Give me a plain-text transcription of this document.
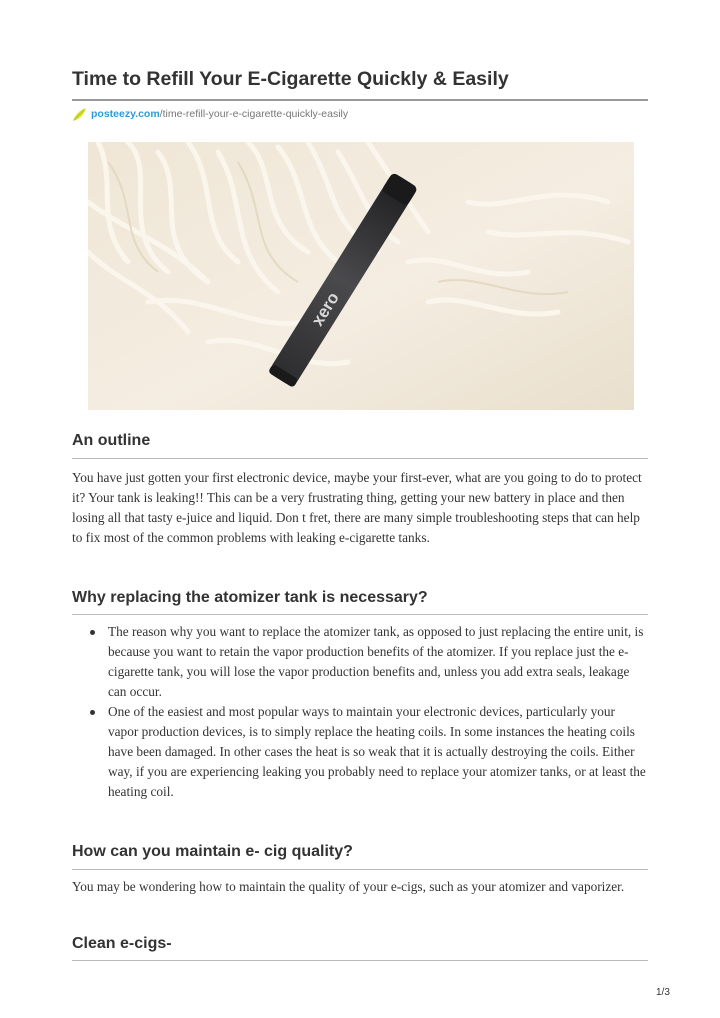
Time to Refill Your E-Cigarette Quickly & Easily
posteezy.com /time-refill-your-e-cigarette-quickly-easily
xero
An outline

You have just gotten your first electronic device, maybe your first-ever, what are you going to do to protect it? Your tank is leaking!! This can be a very frustrating thing, getting your new battery in place and then losing all that tasty e-juice and liquid. Don t fret, there are many simple troubleshooting steps that can help to fix most of the common problems with leaking e-cigarette tanks.

Why replacing the atomizer tank is necessary?
The reason why you want to replace the atomizer tank, as opposed to just replacing the entire unit, is because you want to retain the vapor production benefits of the atomizer. If you replace just the e-cigarette tank, you will lose the vapor production benefits and, unless you add extra seals, leakage can occur.
One of the easiest and most popular ways to maintain your electronic devices, particularly your vapor production devices, is to simply replace the heating coils. In some instances the heating coils have been damaged. In other cases the heat is so weak that it is actually destroying the coils. Either way, if you are experiencing leaking you probably need to replace your atomizer tanks, or at least the heating coil.
How can you maintain e- cig quality?

You may be wondering how to maintain the quality of your e-cigs, such as your atomizer and vaporizer.

Clean e-cigs-
1/3
